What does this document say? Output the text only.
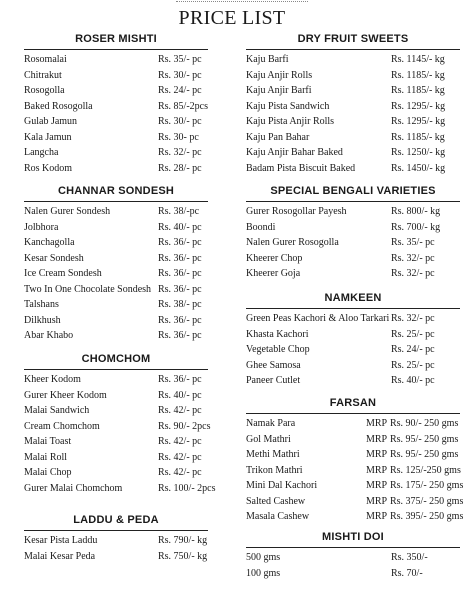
PRICE LIST
ROSER MISHTI
Rosomalai	Rs. 35/- pc
Chitrakut	Rs. 30/- pc
Rosogolla	Rs. 24/- pc
Baked Rosogolla	Rs. 85/-2pcs
Gulab Jamun	Rs. 30/- pc
Kala Jamun	Rs. 30- pc
Langcha	Rs. 32/- pc
Ros Kodom	Rs. 28/- pc
CHANNAR SONDESH
Nalen Gurer Sondesh	Rs. 38/-pc
Jolbhora	Rs. 40/- pc
Kanchagolla	Rs. 36/- pc
Kesar Sondesh	Rs. 36/- pc
Ice Cream Sondesh	Rs. 36/- pc
Two In One Chocolate Sondesh Rs. 36/- pc
Talshans	Rs. 38/- pc
Dilkhush	Rs. 36/- pc
Abar Khabo	Rs. 36/- pc
CHOMCHOM
Kheer Kodom	Rs. 36/- pc
Gurer Kheer Kodom	Rs. 40/- pc
Malai Sandwich	Rs. 42/- pc
Cream Chomchom	Rs. 90/- 2pcs
Malai Toast	Rs. 42/- pc
Malai Roll	Rs. 42/- pc
Malai Chop	Rs. 42/- pc
Gurer Malai Chomchom	Rs. 100/- 2pcs
LADDU & PEDA
Kesar Pista Laddu	Rs. 790/- kg
Malai Kesar Peda	Rs. 750/- kg
DRY FRUIT SWEETS
Kaju Barfi	Rs. 1145/- kg
Kaju Anjir Rolls	Rs. 1185/- kg
Kaju Anjir Barfi	Rs. 1185/- kg
Kaju Pista Sandwich	Rs. 1295/- kg
Kaju Pista Anjir Rolls	Rs. 1295/- kg
Kaju Pan Bahar	Rs. 1185/- kg
Kaju Anjir Bahar Baked	Rs. 1250/- kg
Badam Pista Biscuit Baked	Rs. 1450/- kg
SPECIAL BENGALI VARIETIES
Gurer Rosogollar Payesh	Rs. 800/- kg
Boondi	Rs. 700/- kg
Nalen Gurer Rosogolla	Rs. 35/- pc
Kheerer Chop	Rs. 32/- pc
Kheerer Goja	Rs. 32/- pc
NAMKEEN
Green Peas Kachori & Aloo Tarkari Rs. 32/- pc
Khasta Kachori	Rs. 25/- pc
Vegetable Chop	Rs. 24/- pc
Ghee Samosa	Rs. 25/- pc
Paneer Cutlet	Rs. 40/- pc
FARSAN
Namak Para	MRP Rs. 90/- 250 gms
Gol Mathri	MRP Rs. 95/- 250 gms
Methi Mathri	MRP Rs. 95/- 250 gms
Trikon Mathri	MRP Rs. 125/-250 gms
Mini Dal Kachori	MRP Rs. 175/- 250 gms
Salted Cashew	MRP Rs. 375/- 250 gms
Masala Cashew	MRP Rs. 395/- 250 gms
MISHTI DOI
500 gms	Rs. 350/-
100 gms	Rs. 70/-
